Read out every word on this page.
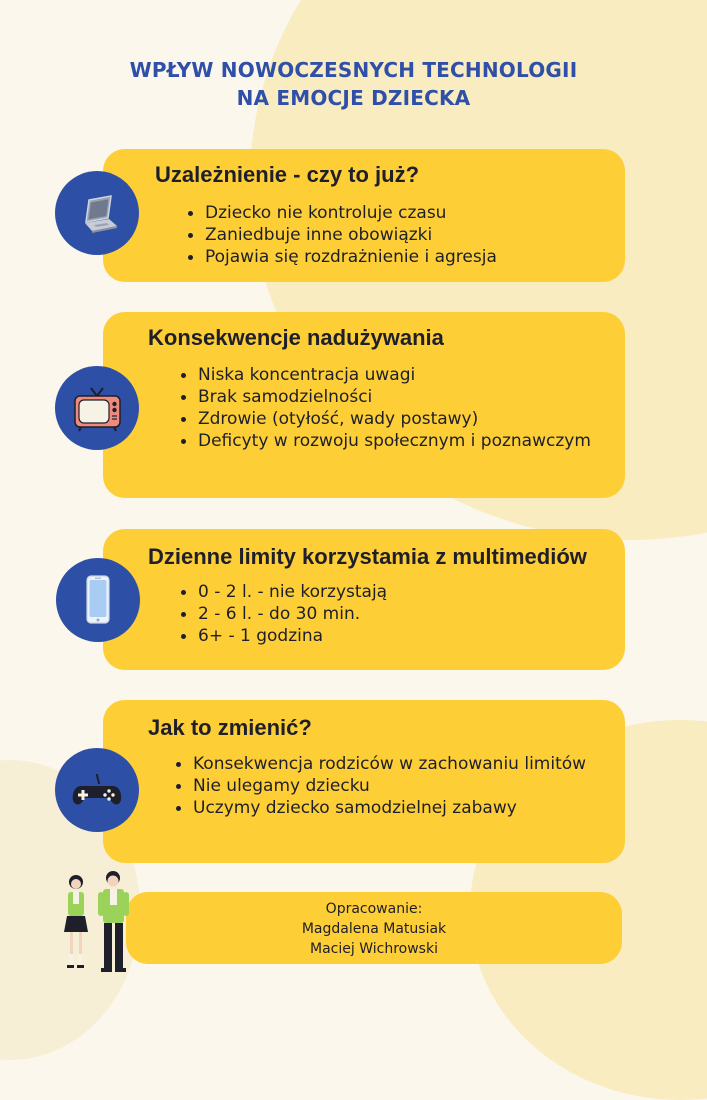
WPŁYW NOWOCZESNYCH TECHNOLOGII
NA EMOCJE DZIECKA
Uzależnienie - czy to już?
Dziecko nie kontroluje czasu
Zaniedbuje inne obowiązki
Pojawia się rozdrażnienie i agresja
Konsekwencje nadużywania
Niska koncentracja uwagi
Brak samodzielności
Zdrowie (otyłość, wady postawy)
Deficyty w rozwoju społecznym i poznawczym
Dzienne limity korzystamia z multimediów
0 - 2 l. - nie korzystają
2 - 6 l. - do 30 min.
6+ - 1 godzina
Jak to zmienić?
Konsekwencja rodziców w zachowaniu limitów
Nie ulegamy dziecku
Uczymy dziecko samodzielnej zabawy
Opracowanie:
Magdalena Matusiak
Maciej Wichrowski
